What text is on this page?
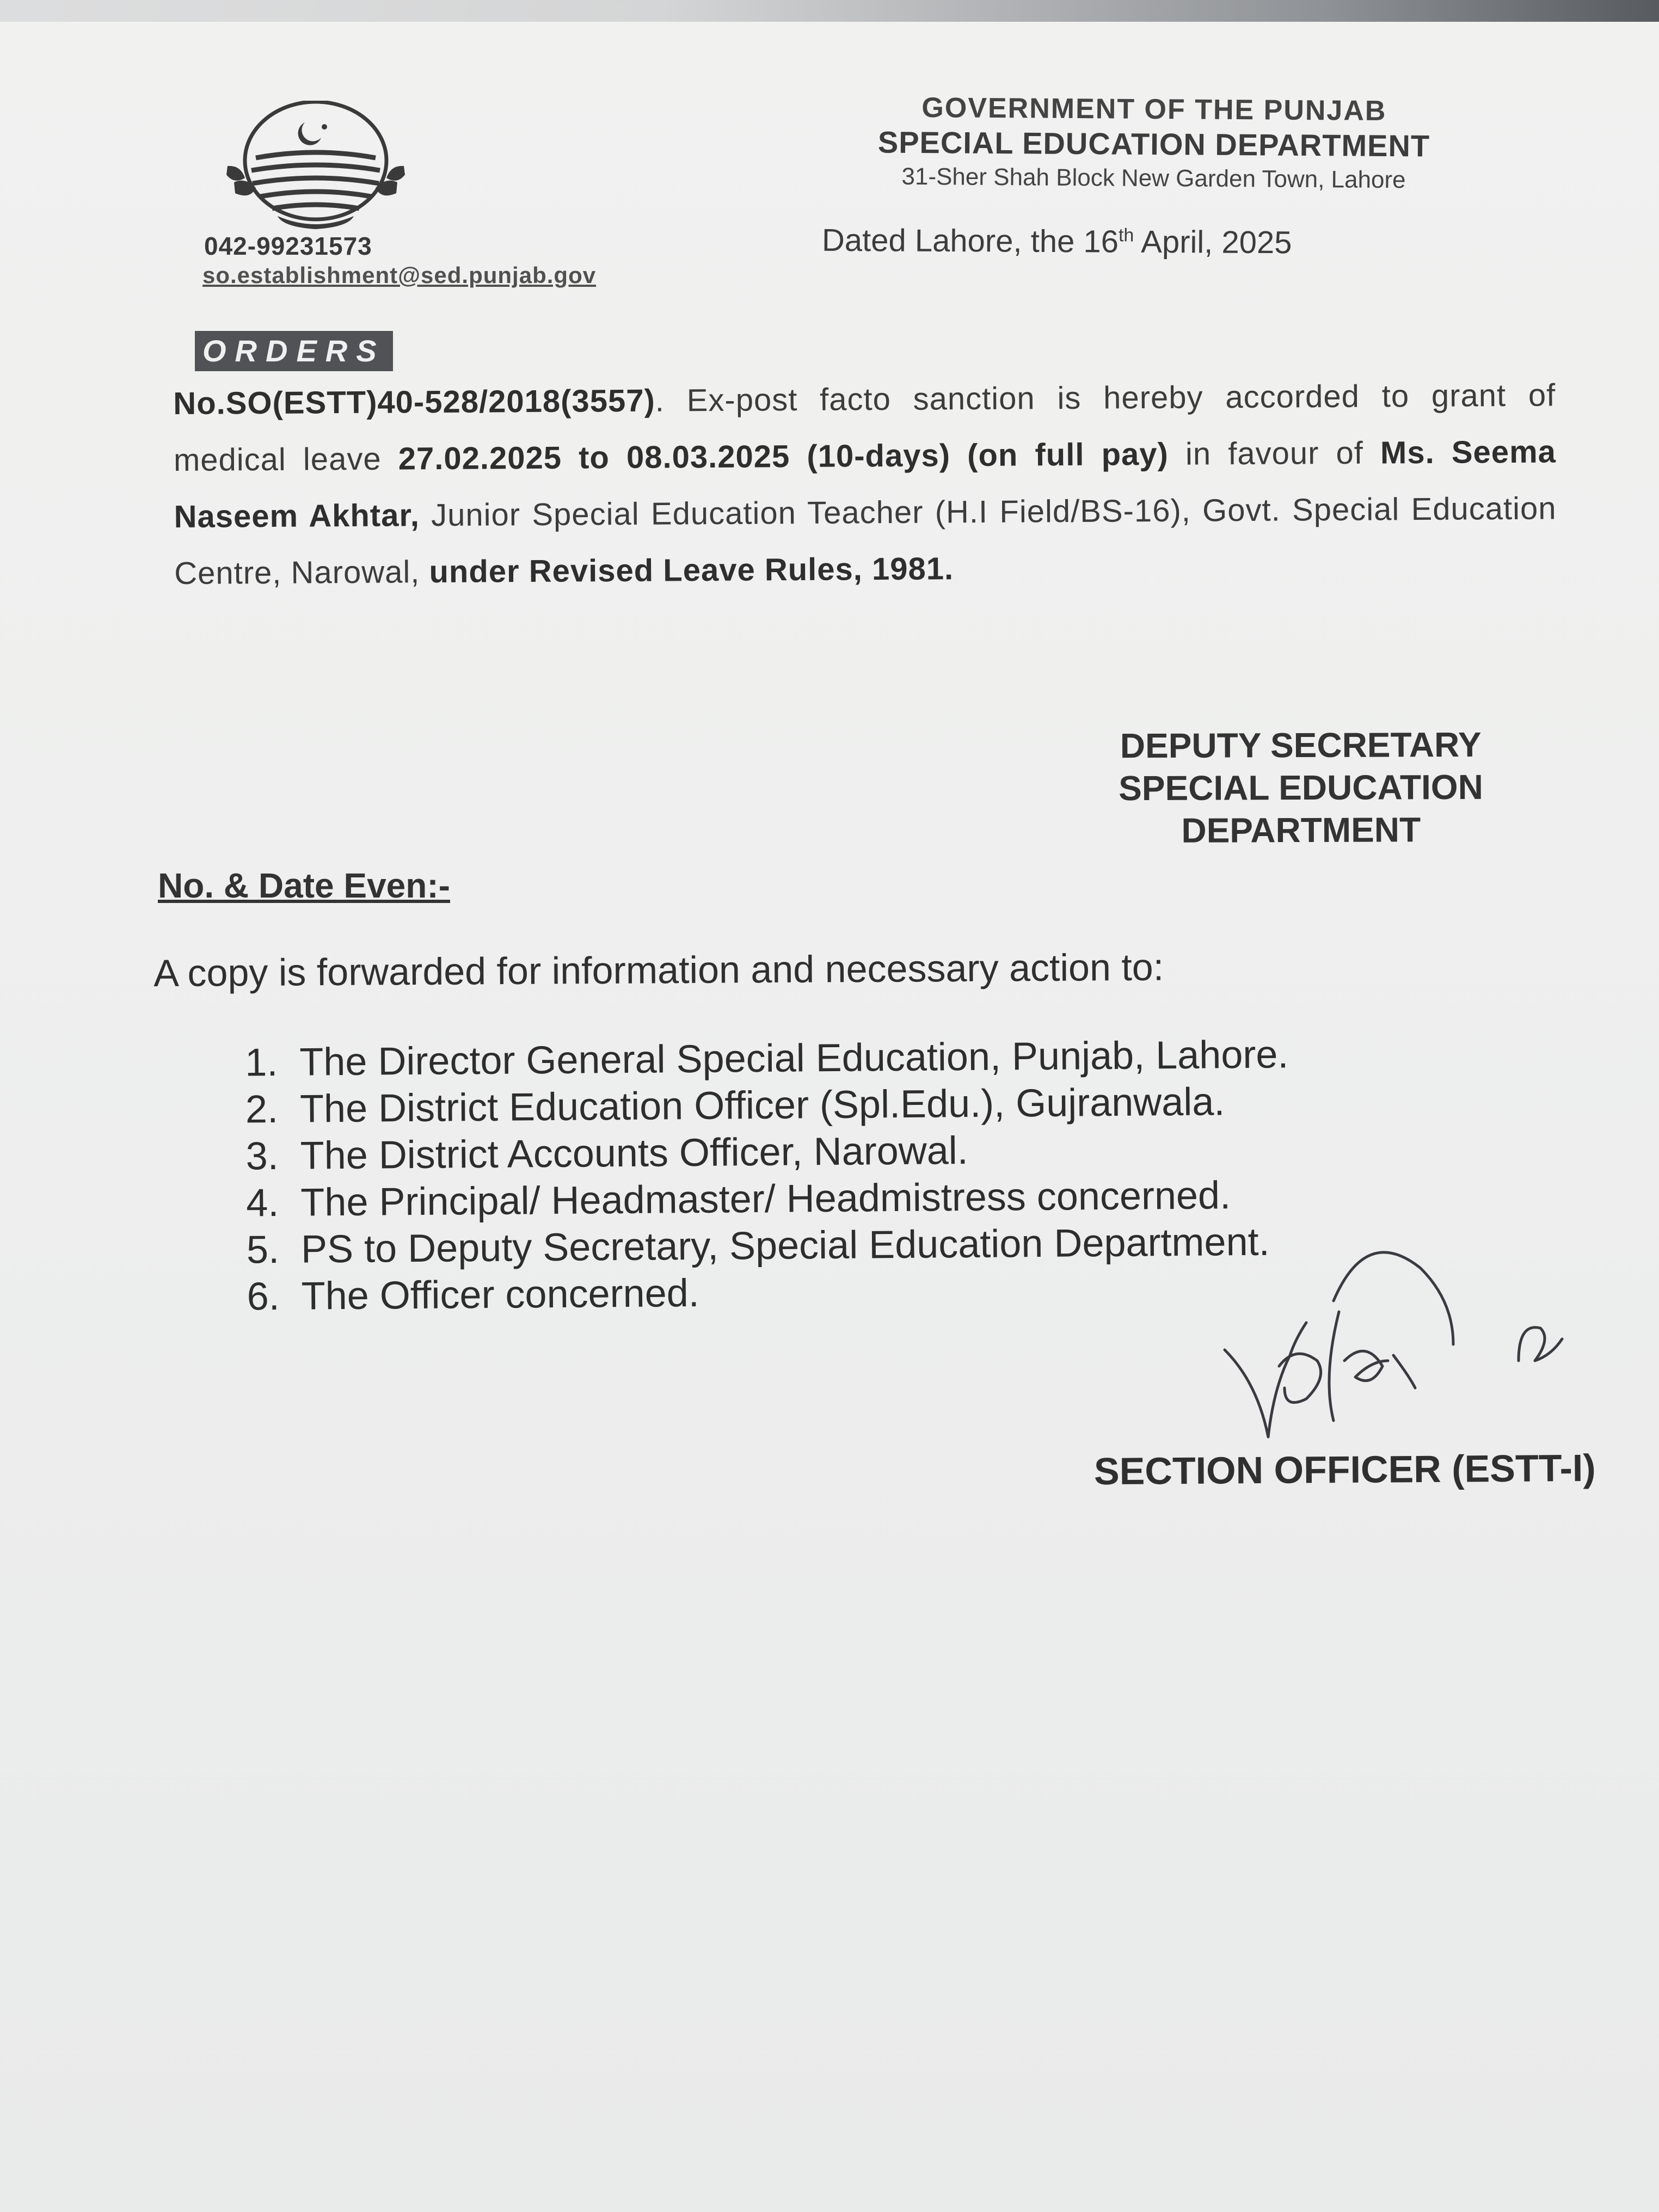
GOVERNMENT OF THE PUNJAB
SPECIAL EDUCATION DEPARTMENT
31-Sher Shah Block New Garden Town, Lahore
042-99231573
so.establishment@sed.punjab.gov
Dated Lahore, the 16th April, 2025
ORDERS
No.SO(ESTT)40-528/2018(3557). Ex-post facto sanction is hereby accorded to grant of medical leave 27.02.2025 to 08.03.2025 (10-days) (on full pay) in favour of Ms. Seema Naseem Akhtar, Junior Special Education Teacher (H.I Field/BS-16), Govt. Special Education Centre, Narowal, under Revised Leave Rules, 1981.
DEPUTY SECRETARY
SPECIAL EDUCATION
DEPARTMENT
No. & Date Even:-
A copy is forwarded for information and necessary action to:
1. The Director General Special Education, Punjab, Lahore.
2. The District Education Officer (Spl.Edu.), Gujranwala.
3. The District Accounts Officer, Narowal.
4. The Principal/ Headmaster/ Headmistress concerned.
5. PS to Deputy Secretary, Special Education Department.
6. The Officer concerned.
SECTION OFFICER (ESTT-I)
